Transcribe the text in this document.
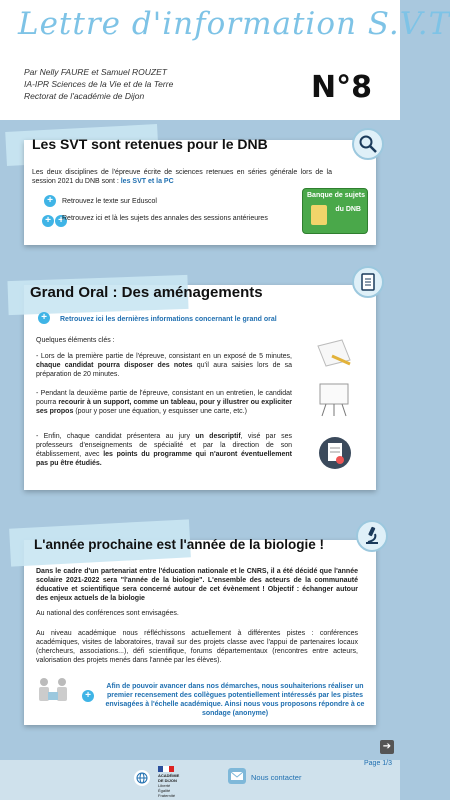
Lettre d'information S.V.T
Par Nelly FAURE et Samuel ROUZET
IA-IPR Sciences de la Vie et de la Terre
Rectorat de l'académie de Dijon	N°8
Les SVT sont retenues pour le DNB
Les deux disciplines de l'épreuve écrite de sciences retenues en séries générale lors de la session 2021 du DNB sont : les SVT et la PC
+	Retrouvez le texte sur Eduscol
+ +
Retrouvez ici et là les sujets des annales des sessions antérieures
Banque de sujets
du DNB
Grand Oral : Des aménagements
+	Retrouvez ici les dernières informations concernant le grand oral
Quelques éléments clés :
- Lors de la première partie de l'épreuve, consistant en un exposé de 5 minutes, chaque candidat pourra disposer des notes qu'il aura saisies lors de sa préparation de 20 minutes.
- Pendant la deuxième partie de l'épreuve, consistant en un entretien, le candidat pourra recourir à un support, comme un tableau, pour y illustrer ou expliciter ses propos (pour y poser une équation, y esquisser une carte, etc.)
- Enfin, chaque candidat présentera au jury un descriptif, visé par ses professeurs d'enseignements de spécialité et par la direction de son établissement, avec les points du programme qui n'auront éventuellement pas pu être étudiés.
L'année prochaine est l'année de la biologie !
Dans le cadre d'un partenariat entre l'éducation nationale et le CNRS, il a été décidé que l'année scolaire 2021-2022 sera "l'année de la biologie". L'ensemble des acteurs de la communauté éducative et scientifique sera concerné autour de cet évènement ! Objectif : échanger autour des enjeux actuels de la biologie
Au national des conférences sont envisagées.
Au niveau académique nous réfléchissons actuellement à différentes pistes : conférences académiques, visites de laboratoires, travail sur des projets classe avec l'appui de partenaires locaux (chercheurs, associations...), défi scientifique, forums départementaux (rencontres entre acteurs, valorisation des projets menés dans l'année par les élèves).
+
Afin de pouvoir avancer dans nos démarches, nous souhaiterions réaliser un premier recensement des collègues potentiellement intéressés par les pistes envisagées à l'échelle académique. Ainsi nous vous proposons répondre à ce sondage (anonyme)
➔
Page 1/3
ACADÉMIE
DE DIJON
Liberté
Égalité
Fraternité
Nous contacter
